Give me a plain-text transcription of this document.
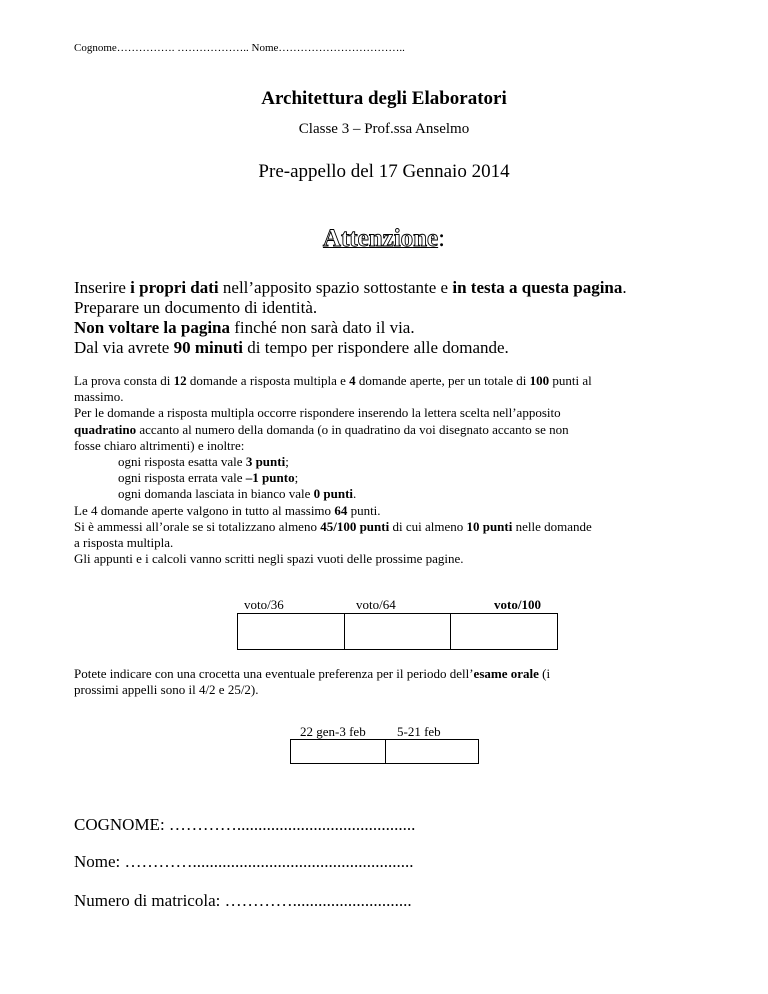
Cognome……………. ……………….. Nome……………………………..
Architettura degli Elaboratori
Classe 3 – Prof.ssa Anselmo
Pre-appello del 17 Gennaio 2014
Attenzione:
Inserire i propri dati nell’apposito spazio sottostante e in testa a questa pagina.
Preparare un documento di identità.
Non voltare la pagina finché non sarà dato il via.
Dal via avrete 90 minuti di tempo per rispondere alle domande.
La prova consta di 12 domande a risposta multipla e 4 domande aperte, per un totale di 100 punti al
massimo.
Per le domande a risposta multipla occorre rispondere inserendo la lettera scelta nell’apposito
quadratino accanto al numero della domanda (o in quadratino da voi disegnato accanto se non
fosse chiaro altrimenti) e inoltre:
ogni risposta esatta vale 3 punti;
ogni risposta errata vale –1 punto;
ogni domanda lasciata in bianco vale 0 punti.
Le 4 domande aperte valgono in tutto al massimo 64 punti.
Si è ammessi all’orale se si totalizzano almeno 45/100 punti di cui almeno 10 punti nelle domande
a risposta multipla.
Gli appunti e i calcoli vanno scritti negli spazi vuoti delle prossime pagine.
voto/36	voto/64	voto/100

Potete indicare con una crocetta una eventuale preferenza per il periodo dell’esame orale (i
prossimi appelli sono il 4/2 e 25/2).
22 gen-3 feb 5-21 feb

COGNOME: …………..........................................
Nome: …………....................................................
Numero di matricola: …………............................
